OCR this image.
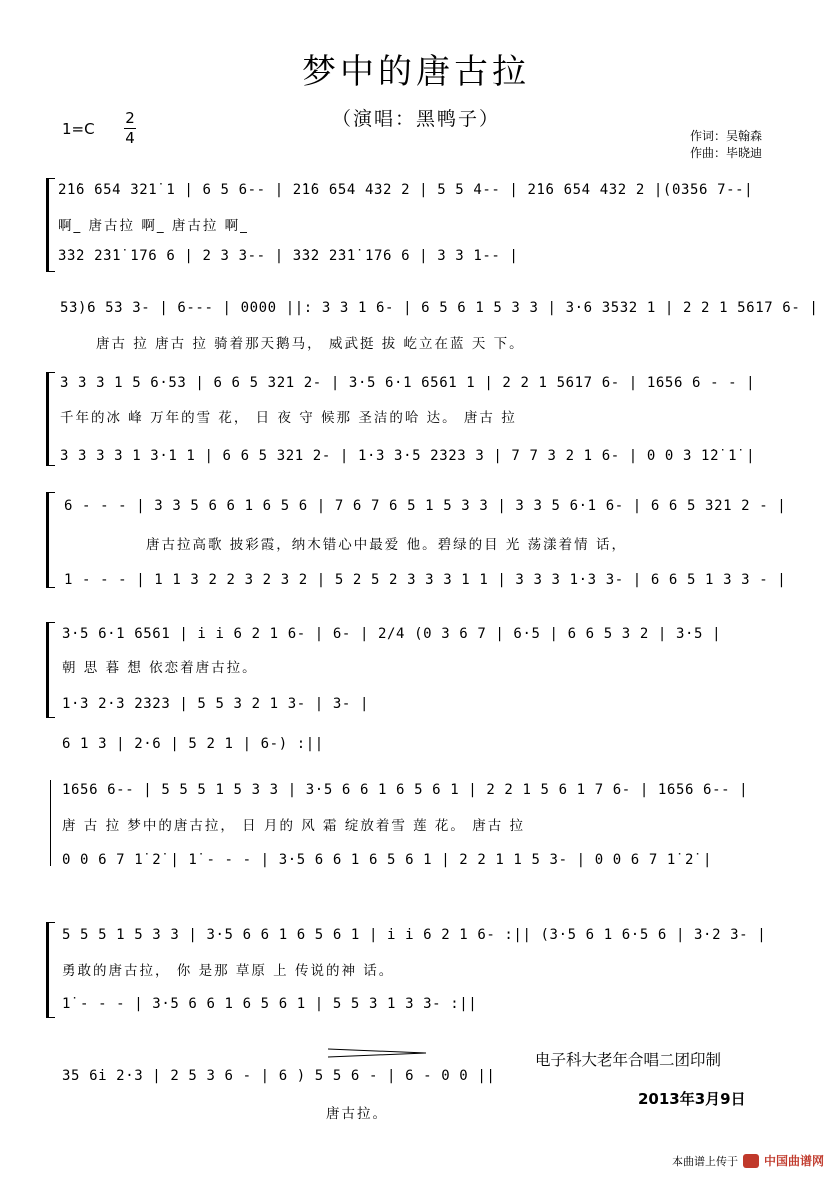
梦中的唐古拉
（演唱：黑鸭子）
1=C
2
4	作词：吴翰森
作曲：毕晓迪
2̇1̇6 654 321̇ 1 | 6 5 6-- | 2̇1̇6 654 432 2 | 5 5 4-- | 2̇1̇6 654 432 2 |(0356 7--|
啊_ 唐古拉 啊_ 唐古拉 啊_
3̇3̇2 2̇3̇1̇ 176 6 | 2 3 3-- | 3̇3̇2 2̇3̇1̇ 176 6 | 3 3 1-- |
53)6 53 3- | 6--- | 0000 ||: 3 3 1 6- | 6 5 6 1 5 3 3 | 3·6 3532 1 | 2 2 1 5617 6- |
唐古 拉 唐古 拉 骑着那天鹅马， 威武挺 拔 屹立在蓝 天 下。
3 3 3 1 5 6·53 | 6 6 5 321 2- | 3·5 6·1 6561 1 | 2 2 1 5617 6- | 1656 6 - - |
千年的冰 峰 万年的雪 花， 日 夜 守 候那 圣洁的哈 达。 唐古 拉
3 3 3 3 1 3·1 1 | 6 6 5 321 2- | 1·3 3·5 2323 3 | 7 7 3 2 1 6- | 0 0 3 1̇2̇ 1̇ |
6 - - - | 3 3 5 6 6 1 6 5 6 | 7 6 7 6 5 1 5 3 3 | 3 3 5 6·1 6- | 6 6 5 321 2 - |
唐古拉高歌 披彩霞，纳木错心中最爱 他。碧绿的目 光 荡漾着情 话，
1 - - - | 1 1 3 2 2 3 2 3 2 | 5 2 5 2 3 3 3 1 1 | 3 3 3 1·3 3- | 6 6 5 1 3 3 - |
3·5 6·1 6561 | i i 6 2 1 6- | 6- | 2/4 (0 3 6 7 | 6·5 | 6 6 5 3 2 | 3·5 |
朝 思 暮 想 依恋着唐古拉。
1·3 2·3 2323 | 5 5 3 2 1 3- | 3- |
6 1 3 | 2·6 | 5 2 1 | 6-) :||
1656 6-- | 5 5 5 1 5 3 3 | 3·5 6 6 1 6 5 6 1 | 2 2 1 5 6 1 7 6- | 1656 6-- |
唐 古 拉 梦中的唐古拉， 日 月的 风 霜 绽放着雪 莲 花。 唐古 拉
0 0 6 7 1̇ 2̇ | 1̇ - - - | 3·5 6 6 1 6 5 6 1 | 2 2 1 1 5 3- | 0 0 6 7 1̇ 2̇ |
5 5 5 1 5 3 3 | 3·5 6 6 1 6 5 6 1 | i i 6 2 1 6- :|| (3·5 6 1 6·5 6 | 3·2 3- |
勇敢的唐古拉， 你 是那 草原 上 传说的神 话。
1̇ - - - | 3·5 6 6 1 6 5 6 1 | 5 5 3 1 3 3- :||
35 6i 2·3 | 2 5 3 6 - | 6 ) 5 5 6 - | 6 - 0 0 ||
唐古拉。
电子科大老年合唱二团印制
2013年3月9日
本曲谱上传于 中国曲谱网
